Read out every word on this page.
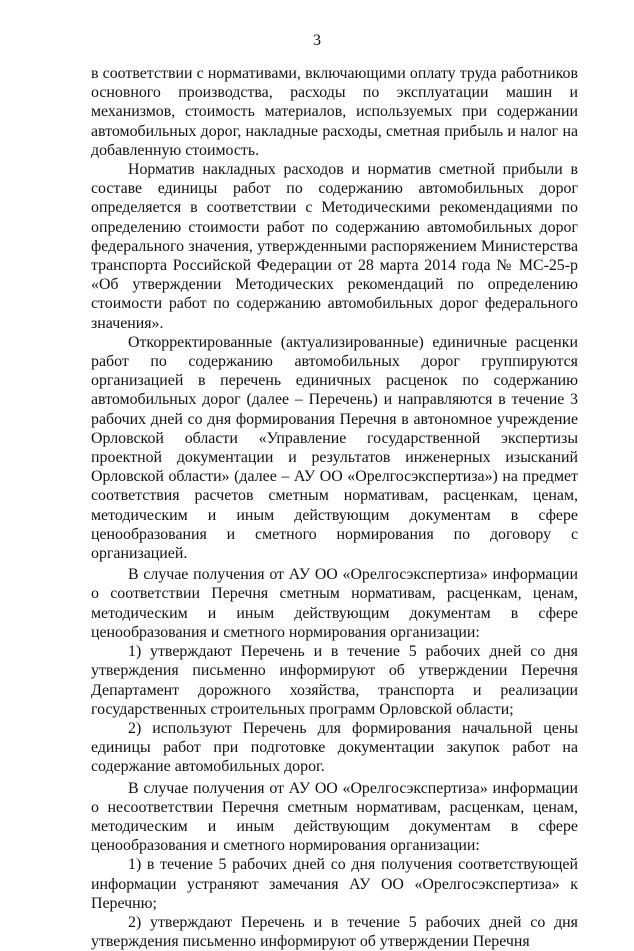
3

в соответствии с нормативами, включающими оплату труда работников основного производства, расходы по эксплуатации машин и механизмов, стоимость материалов, используемых при содержании автомобильных дорог, накладные расходы, сметная прибыль и налог на добавленную стоимость.

Норматив накладных расходов и норматив сметной прибыли в составе единицы работ по содержанию автомобильных дорог определяется в соответствии с Методическими рекомендациями по определению стоимости работ по содержанию автомобильных дорог федерального значения, утвержденными распоряжением Министерства транспорта Российской Федерации от 28 марта 2014 года № МС-25-р «Об утверждении Методических рекомендаций по определению стоимости работ по содержанию автомобильных дорог федерального значения».

Откорректированные (актуализированные) единичные расценки работ по содержанию автомобильных дорог группируются организацией в перечень единичных расценок по содержанию автомобильных дорог (далее – Перечень) и направляются в течение 3 рабочих дней со дня формирования Перечня в автономное учреждение Орловской области «Управление государственной экспертизы проектной документации и результатов инженерных изысканий Орловской области» (далее – АУ ОО «Орелгосэкспертиза») на предмет соответствия расчетов сметным нормативам, расценкам, ценам, методическим и иным действующим документам в сфере ценообразования и сметного нормирования по договору с организацией.

В случае получения от АУ ОО «Орелгосэкспертиза» информации о соответствии Перечня сметным нормативам, расценкам, ценам, методическим и иным действующим документам в сфере ценообразования и сметного нормирования организации:

1) утверждают Перечень и в течение 5 рабочих дней со дня утверждения письменно информируют об утверждении Перечня Департамент дорожного хозяйства, транспорта и реализации государственных строительных программ Орловской области;

2) используют Перечень для формирования начальной цены единицы работ при подготовке документации закупок работ на содержание автомобильных дорог.

В случае получения от АУ ОО «Орелгосэкспертиза» информации о несоответствии Перечня сметным нормативам, расценкам, ценам, методическим и иным действующим документам в сфере ценообразования и сметного нормирования организации:

1) в течение 5 рабочих дней со дня получения соответствующей информации устраняют замечания АУ ОО «Орелгосэкспертиза» к Перечню;

2) утверждают Перечень и в течение 5 рабочих дней со дня утверждения письменно информируют об утверждении Перечня
